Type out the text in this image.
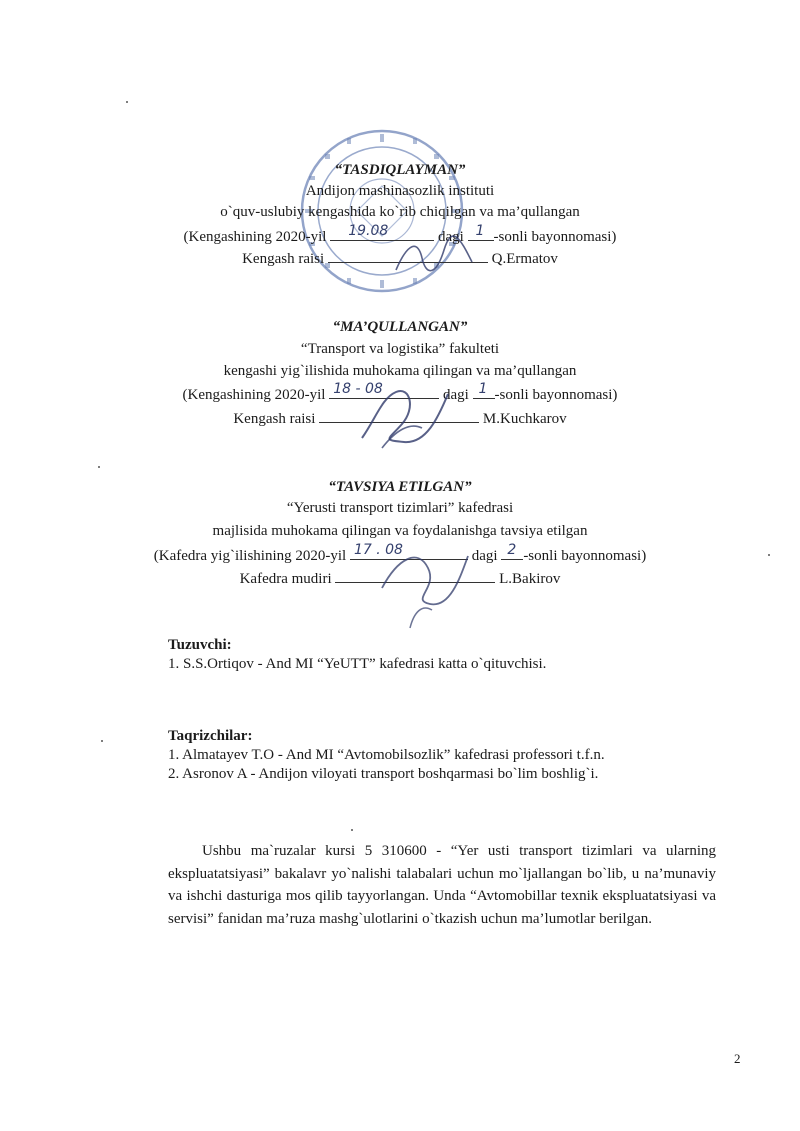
“TASDIQLAYMAN”
Andijon mashinasozlik instituti
o`quv-uslubiy kengashida ko`rib chiqilgan va ma’qullangan
(Kengashining 2020-yil 19.08	dagi 1 -sonli bayonnomasi)
Kengash raisi	Q.Ermatov
“MA’QULLANGAN”
“Transport va logistika” fakulteti
kengashi yig`ilishida muhokama qilingan va ma’qullangan
(Kengashining 2020-yil 18 - 08	dagi 1 -sonli bayonnomasi)
Kengash raisi	M.Kuchkarov
“TAVSIYA ETILGAN”
“Yerusti transport tizimlari” kafedrasi
majlisida muhokama qilingan va foydalanishga tavsiya etilgan
(Kafedra yig`ilishining 2020-yil 17 . 08	dagi 2 -sonli bayonnomasi)
Kafedra mudiri	L.Bakirov
Tuzuvchi:
1. S.S.Ortiqov - And MI “YeUTT” kafedrasi katta o`qituvchisi.
Taqrizchilar:
1. Almatayev T.O - And MI “Avtomobilsozlik” kafedrasi professori t.f.n.
2. Asronov A - Andijon viloyati transport boshqarmasi bo`lim boshlig`i.
Ushbu ma`ruzalar kursi 5 310600 - “Yer usti transport tizimlari va ularning ekspluatatsiyasi” bakalavr yo`nalishi talabalari uchun mo`ljallangan bo`lib, u na’munaviy va ishchi dasturiga mos qilib tayyorlangan. Unda “Avtomobillar texnik ekspluatatsiyasi va servisi” fanidan ma’ruza mashg`ulotlarini o`tkazish uchun ma’lumotlar berilgan.
2
